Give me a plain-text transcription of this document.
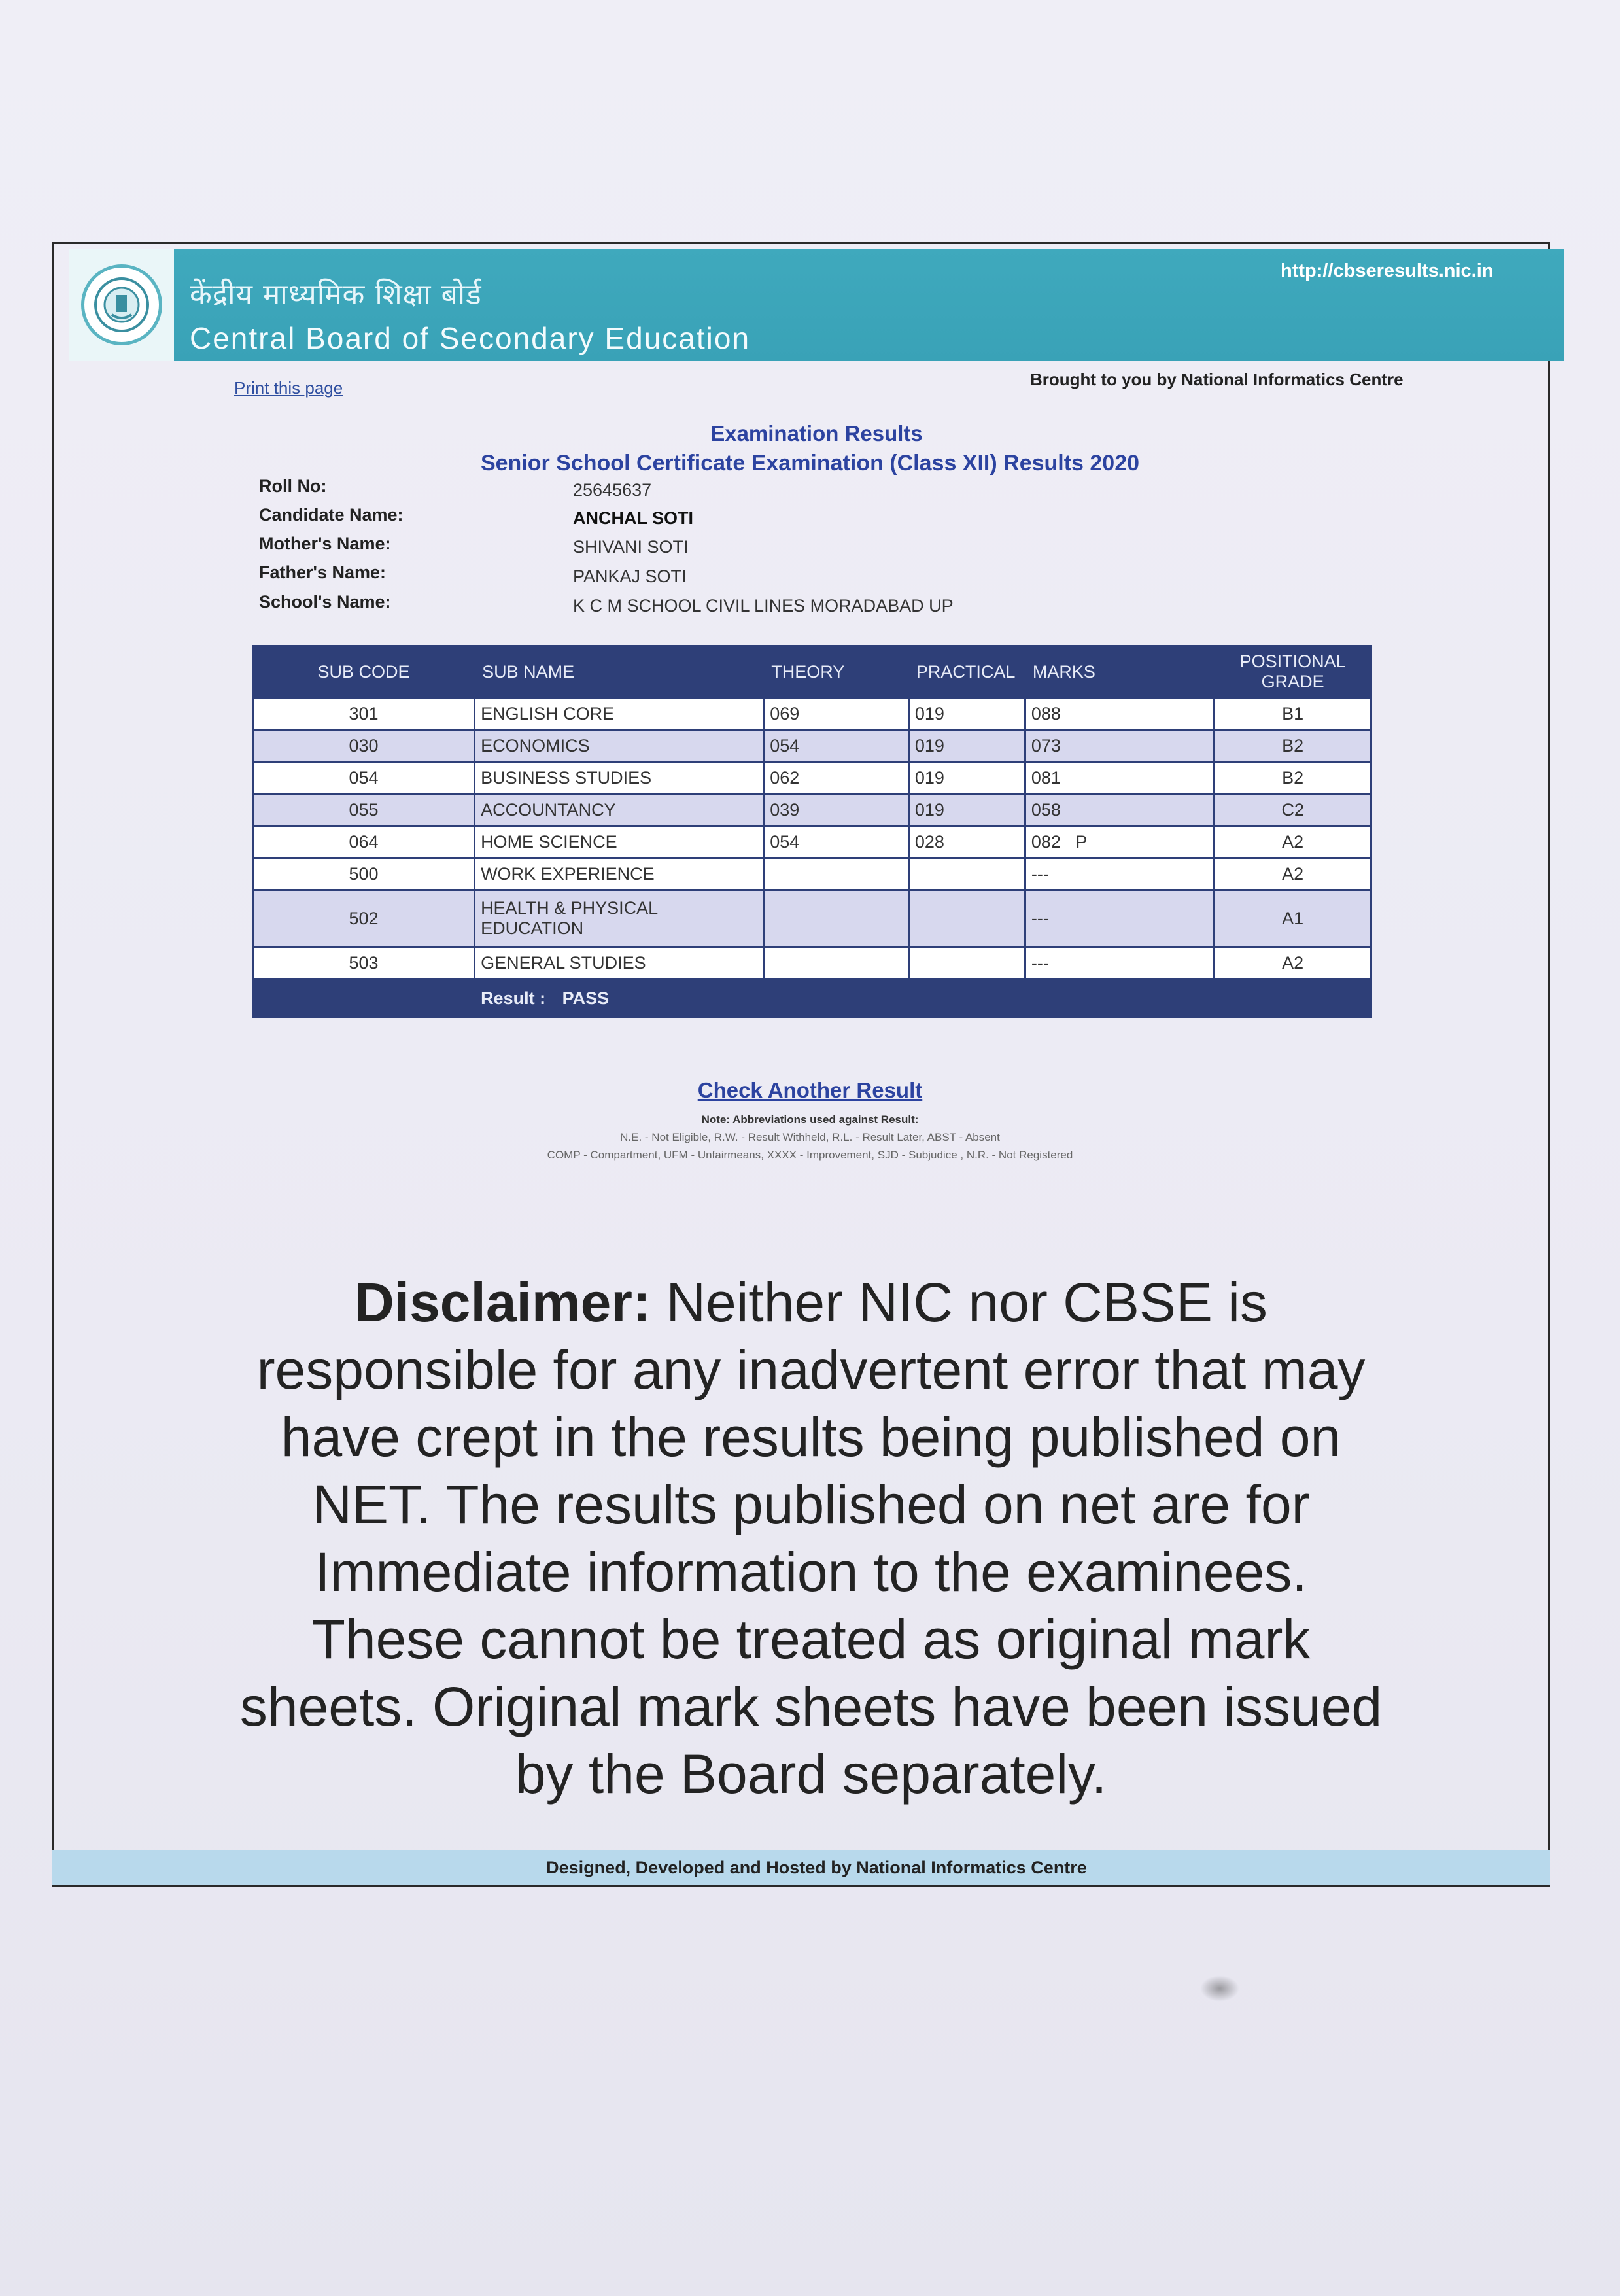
केंद्रीय माध्यमिक शिक्षा बोर्ड
Central Board of Secondary Education
http://cbseresults.nic.in
Print this page	Brought to you by National Informatics Centre
Examination Results
Senior School Certificate Examination (Class XII) Results 2020
Roll No:	25645637
Candidate Name:	ANCHAL SOTI
Mother's Name:	SHIVANI SOTI
Father's Name:	PANKAJ SOTI
School's Name:	K C M SCHOOL CIVIL LINES MORADABAD UP
SUB CODE	SUB NAME	THEORY	PRACTICAL	MARKS	POSITIONAL GRADE
301	ENGLISH CORE	069	019	088	B1
030	ECONOMICS	054	019	073	B2
054	BUSINESS STUDIES	062	019	081	B2
055	ACCOUNTANCY	039	019	058	C2
064	HOME SCIENCE	054	028	082   P	A2
500	WORK EXPERIENCE			---	A2
502	HEALTH & PHYSICAL EDUCATION			---	A1
503	GENERAL STUDIES			---	A2
	Result : PASS				
Check Another Result
Note: Abbreviations used against Result:
N.E. - Not Eligible, R.W. - Result Withheld, R.L. - Result Later, ABST - Absent
COMP - Compartment, UFM - Unfairmeans, XXXX - Improvement, SJD - Subjudice , N.R. - Not Registered
Disclaimer: Neither NIC nor CBSE is responsible for any inadvertent error that may have crept in the results being published on NET. The results published on net are for Immediate information to the examinees. These cannot be treated as original mark sheets. Original mark sheets have been issued by the Board separately.
Designed, Developed and Hosted by National Informatics Centre
